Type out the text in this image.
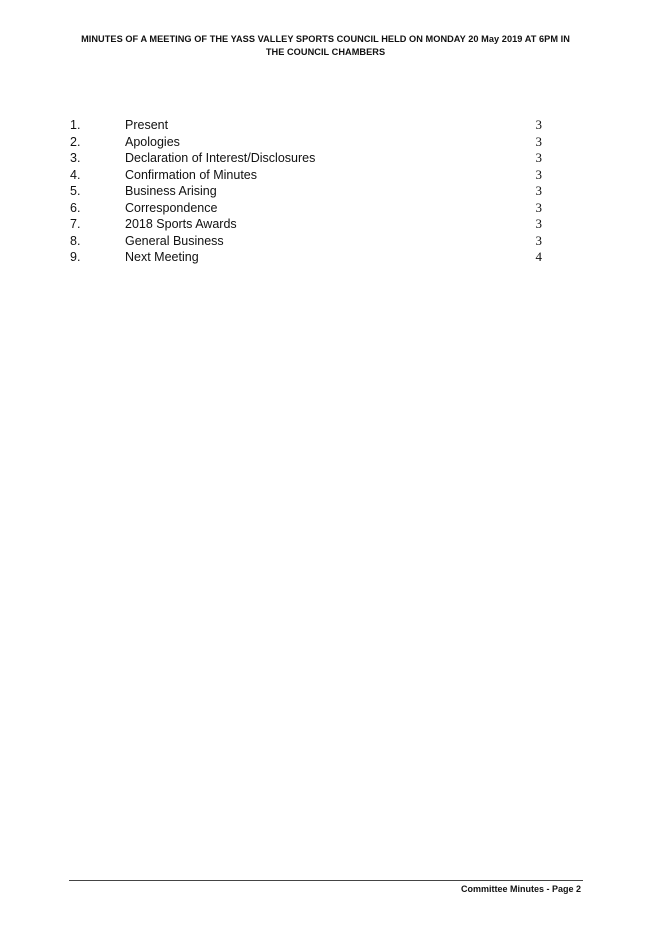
MINUTES OF A MEETING OF THE YASS VALLEY SPORTS COUNCIL HELD ON MONDAY 20 May 2019 AT 6PM IN
THE COUNCIL CHAMBERS
1.	Present	3
2.	Apologies	3
3.	Declaration of Interest/Disclosures	3
4.	Confirmation of Minutes	3
5.	Business Arising	3
6.	Correspondence	3
7.	2018 Sports Awards	3
8.	General Business	3
9.	Next Meeting	4
Committee Minutes - Page 2
